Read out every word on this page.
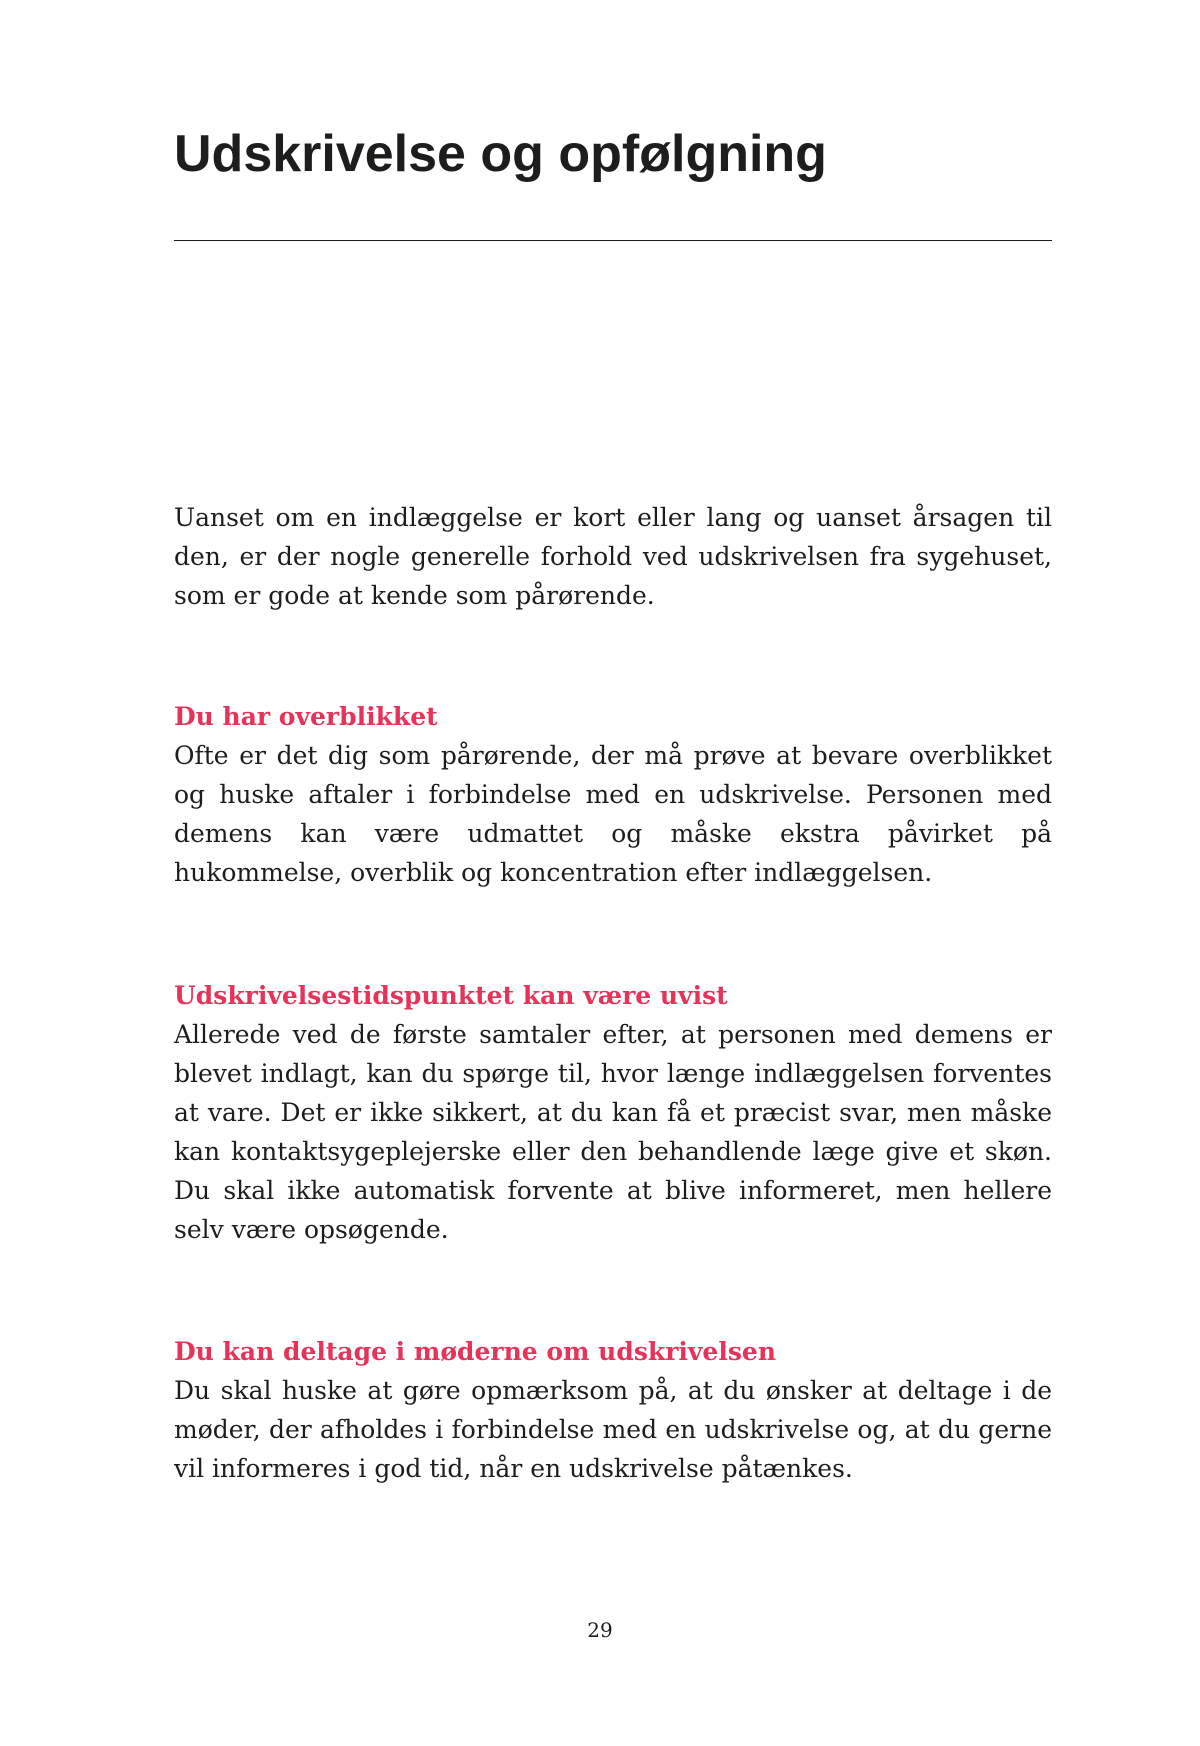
Udskrivelse og opfølgning

Uanset om en indlæggelse er kort eller lang og uanset årsagen til den, er der nogle generelle forhold ved udskrivelsen fra sygehuset, som er gode at kende som pårørende.

Du har overblikket

Ofte er det dig som pårørende, der må prøve at bevare overblikket og huske aftaler i forbindelse med en udskrivelse. Personen med demens kan være udmattet og måske ekstra påvirket på hukommelse, overblik og koncentration efter indlæggelsen.

Udskrivelsestidspunktet kan være uvist

Allerede ved de første samtaler efter, at personen med demens er blevet indlagt, kan du spørge til, hvor længe indlæggelsen forventes at vare. Det er ikke sikkert, at du kan få et præcist svar, men måske kan kontaktsygeplejerske eller den behandlende læge give et skøn. Du skal ikke automatisk forvente at blive informeret, men hellere selv være opsøgende.

Du kan deltage i møderne om udskrivelsen

Du skal huske at gøre opmærksom på, at du ønsker at deltage i de møder, der afholdes i forbindelse med en udskrivelse og, at du gerne vil informeres i god tid, når en udskrivelse påtænkes.

29
